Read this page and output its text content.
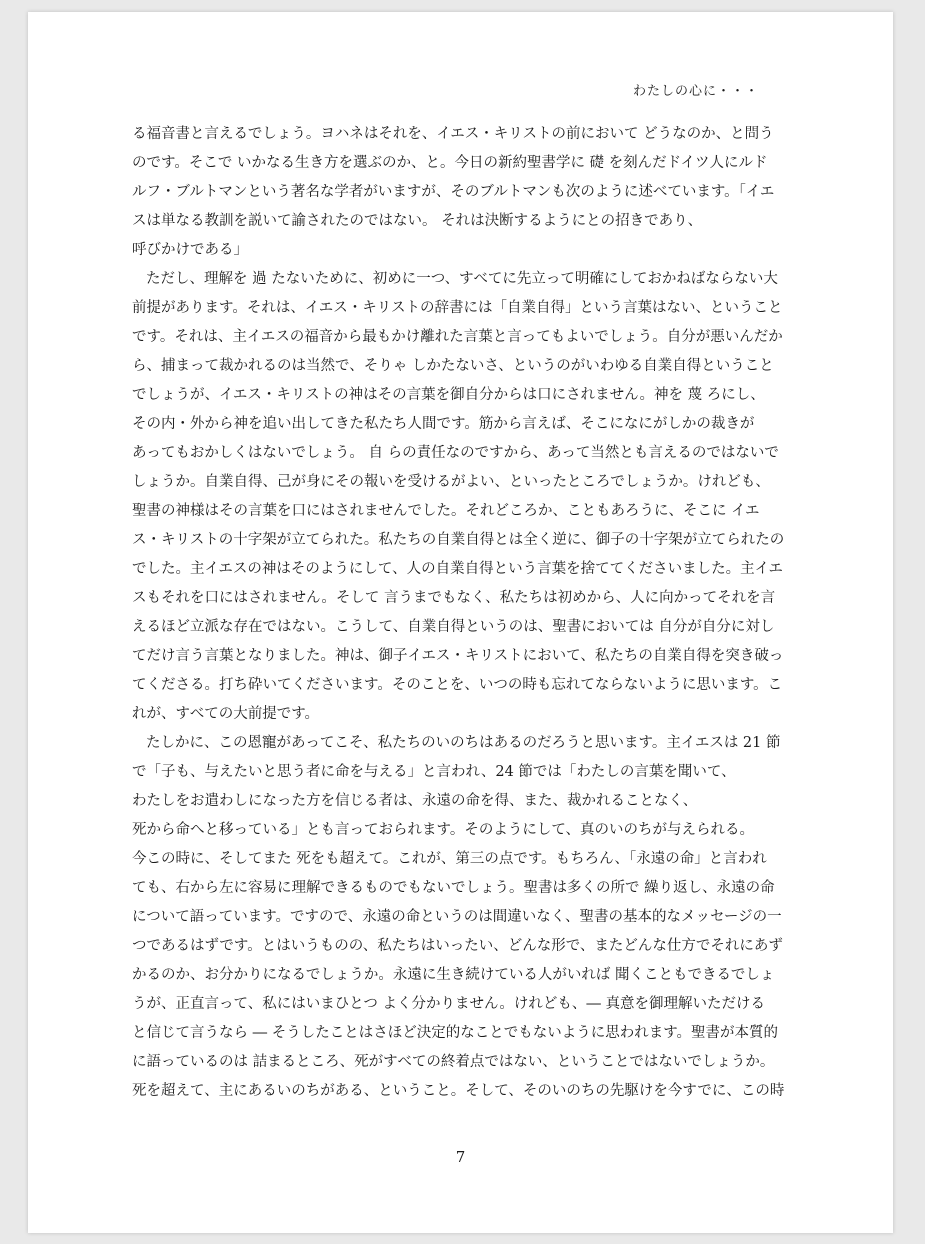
わたしの心に・・・
る福音書と言えるでしょう。ヨハネはそれを、イエス・キリストの前において どうなのか、と問う
のです。そこで いかなる生き方を選ぶのか、と。今日の新約聖書学に 礎 を刻んだドイツ人にルド
ルフ・ブルトマンという著名な学者がいますが、そのブルトマンも次のように述べています。「イエ
スは単なる教訓を説いて諭されたのではない。 それは決断するようにとの招きであり、
呼びかけである」
ただし、理解を 過 たないために、初めに一つ、すべてに先立って明確にしておかねばならない大
前提があります。それは、イエス・キリストの辞書には「自業自得」という言葉はない、ということ
です。それは、主イエスの福音から最もかけ離れた言葉と言ってもよいでしょう。自分が悪いんだか
ら、捕まって裁かれるのは当然で、そりゃ しかたないさ、というのがいわゆる自業自得ということ
でしょうが、イエス・キリストの神はその言葉を御自分からは口にされません。神を 蔑 ろにし、
その内・外から神を追い出してきた私たち人間です。筋から言えば、そこになにがしかの裁きが
あってもおかしくはないでしょう。 自 らの責任なのですから、あって当然とも言えるのではないで
しょうか。自業自得、己が身にその報いを受けるがよい、といったところでしょうか。けれども、
聖書の神様はその言葉を口にはされませんでした。それどころか、こともあろうに、そこに イエ
ス・キリストの十字架が立てられた。私たちの自業自得とは全く逆に、御子の十字架が立てられたの
でした。主イエスの神はそのようにして、人の自業自得という言葉を捨ててくださいました。主イエ
スもそれを口にはされません。そして 言うまでもなく、私たちは初めから、人に向かってそれを言
えるほど立派な存在ではない。こうして、自業自得というのは、聖書においては 自分が自分に対し
てだけ言う言葉となりました。神は、御子イエス・キリストにおいて、私たちの自業自得を突き破っ
てくださる。打ち砕いてくださいます。そのことを、いつの時も忘れてならないように思います。こ
れが、すべての大前提です。
たしかに、この恩寵があってこそ、私たちのいのちはあるのだろうと思います。主イエスは 21 節
で「子も、与えたいと思う者に命を与える」と言われ、24 節では「わたしの言葉を聞いて、
わたしをお遣わしになった方を信じる者は、永遠の命を得、また、裁かれることなく、
死から命へと移っている」とも言っておられます。そのようにして、真のいのちが与えられる。
今この時に、そしてまた 死をも超えて。これが、第三の点です。もちろん、「永遠の命」と言われ
ても、右から左に容易に理解できるものでもないでしょう。聖書は多くの所で 繰り返し、永遠の命
について語っています。ですので、永遠の命というのは間違いなく、聖書の基本的なメッセージの一
つであるはずです。とはいうものの、私たちはいったい、どんな形で、またどんな仕方でそれにあず
かるのか、お分かりになるでしょうか。永遠に生き続けている人がいれば 聞くこともできるでしょ
うが、正直言って、私にはいまひとつ よく分かりません。けれども、― 真意を御理解いただける
と信じて言うなら ― そうしたことはさほど決定的なことでもないように思われます。聖書が本質的
に語っているのは 詰まるところ、死がすべての終着点ではない、ということではないでしょうか。
死を超えて、主にあるいのちがある、ということ。そして、そのいのちの先駆けを今すでに、この時
7
